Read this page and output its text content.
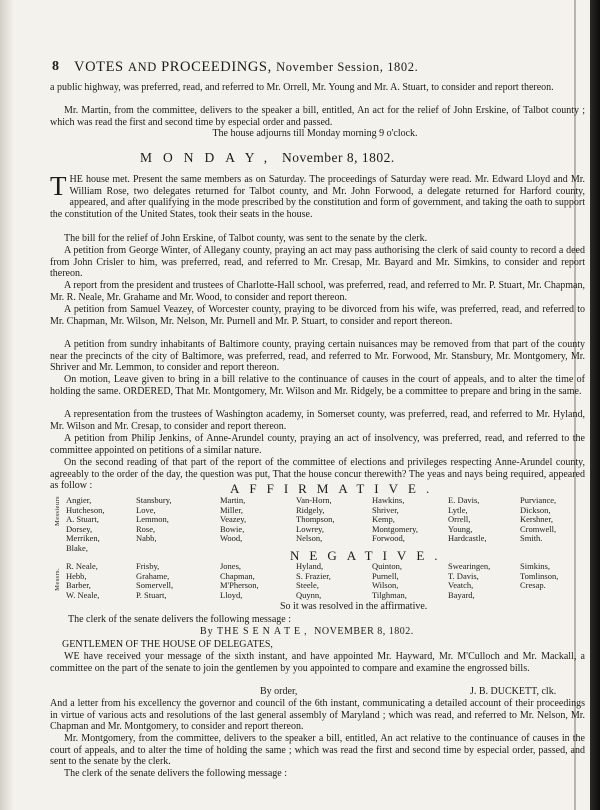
8 VOTES AND PROCEEDINGS, November Session, 1802.

a public highway, was preferred, read, and referred to Mr. Orrell, Mr. Young and Mr. A. Stuart, to consider and report thereon.

Mr. Martin, from the committee, delivers to the speaker a bill, entitled, An act for the relief of John Erskine, of Talbot county ; which was read the first and second time by especial order and passed.

The house adjourns till Monday morning 9 o'clock.
MONDAY, November 8, 1802.

THE house met. Present the same members as on Saturday. The proceedings of Saturday were read. Mr. Edward Lloyd and Mr. William Rose, two delegates returned for Talbot county, and Mr. John Forwood, a delegate returned for Harford county, appeared, and after qualifying in the mode prescribed by the constitution and form of government, and taking the oath to support the constitution of the United States, took their seats in the house.

The bill for the relief of John Erskine, of Talbot county, was sent to the senate by the clerk.

A petition from George Winter, of Allegany county, praying an act may pass authorising the clerk of said county to record a deed from John Crisler to him, was preferred, read, and referred to Mr. Cresap, Mr. Bayard and Mr. Simkins, to consider and report thereon.

A report from the president and trustees of Charlotte-Hall school, was preferred, read, and referred to Mr. P. Stuart, Mr. Chapman, Mr. R. Neale, Mr. Grahame and Mr. Wood, to consider and report thereon.

A petition from Samuel Veazey, of Worcester county, praying to be divorced from his wife, was preferred, read, and referred to Mr. Chapman, Mr. Wilson, Mr. Nelson, Mr. Purnell and Mr. P. Stuart, to consider and report thereon.

A petition from sundry inhabitants of Baltimore county, praying certain nuisances may be removed from that part of the county near the precincts of the city of Baltimore, was preferred, read, and referred to Mr. Forwood, Mr. Stansbury, Mr. Montgomery, Mr. Shriver and Mr. Lemmon, to consider and report thereon.

On motion, Leave given to bring in a bill relative to the continuance of causes in the court of appeals, and to alter the time of holding the same. ORDERED, That Mr. Montgomery, Mr. Wilson and Mr. Ridgely, be a committee to prepare and bring in the same.

A representation from the trustees of Washington academy, in Somerset county, was preferred, read, and referred to Mr. Hyland, Mr. Wilson and Mr. Cresap, to consider and report thereon.

A petition from Philip Jenkins, of Anne-Arundel county, praying an act of insolvency, was preferred, read, and referred to the committee appointed on petitions of a similar nature.

On the second reading of that part of the report of the committee of elections and privileges respecting Anne-Arundel county, agreeably to the order of the day, the question was put, That the house concur therewith? The yeas and nays being required, appeared as follow :	AFFIRMATIVE.
Messieurs Angier,
Hutcheson,
A. Stuart,
Dorsey,
Merriken,
Blake,
Stansbury,
Love,
Lemmon,
Rose,
Nabb,
Martin,
Miller,
Veazey,
Bowie,
Wood,
Van-Horn,
Ridgely,
Thompson,
Lowrey,
Nelson,
Hawkins,
Shriver,
Kemp,
Montgomery,
Forwood,
E. Davis,
Lytle,
Orrell,
Young,
Hardcastle,
Purviance,
Dickson,
Kershner,
Cromwell,
Smith.
NEGATIVE.
Messrs.
R. Neale,
Hebb,
Barber,
W. Neale,
Frisby,
Grahame,
Somervell,
P. Stuart,
Jones,
Chapman,
M'Pherson,
Lloyd,
Hyland,
S. Frazier,
Steele,
Quynn,
Quinton,
Purnell,
Wilson,
Tilghman,
Swearingen,
T. Davis,
Veatch,
Bayard,
Simkins,
Tomlinson,
Cresap.
So it was resolved in the affirmative.
The clerk of the senate delivers the following message :
By THE SENATE, NOVEMBER 8, 1802.
GENTLEMEN OF THE HOUSE OF DELEGATES,

WE have received your message of the sixth instant, and have appointed Mr. Hayward, Mr. M'Culloch and Mr. Mackall, a committee on the part of the senate to join the gentlemen by you appointed to compare and examine the engrossed bills.

By order,	J. B. DUCKETT, clk.

And a letter from his excellency the governor and council of the 6th instant, communicating a detailed account of their proceedings in virtue of various acts and resolutions of the last general assembly of Maryland ; which was read, and referred to Mr. Nelson, Mr. Chapman and Mr. Montgomery, to consider and report thereon.

Mr. Montgomery, from the committee, delivers to the speaker a bill, entitled, An act relative to the continuance of causes in the court of appeals, and to alter the time of holding the same ; which was read the first and second time by especial order, passed, and sent to the senate by the clerk.

The clerk of the senate delivers the following message :
